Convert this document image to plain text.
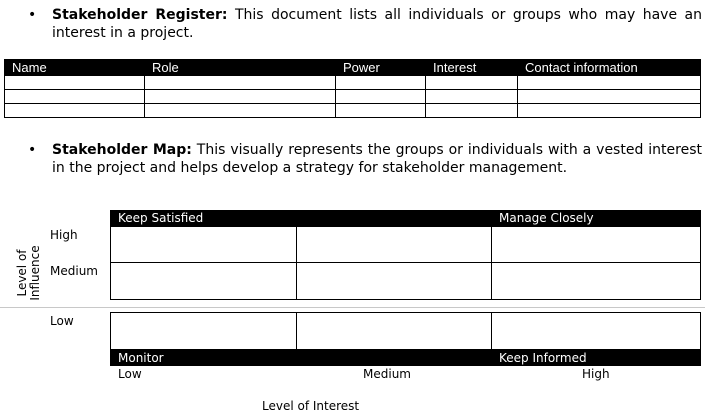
• Stakeholder Register: This document lists all individuals or groups who may have an interest in a project.
Name	Role	Power	Interest	Contact information

• Stakeholder Map: This visually represents the groups or individuals with a vested interest in the project and helps develop a strategy for stakeholder management.
Keep Satisfied	Manage Closely
Monitor	Keep Informed
High
Medium
Low
Level of Influence
Low	Medium	High
Level of Interest
